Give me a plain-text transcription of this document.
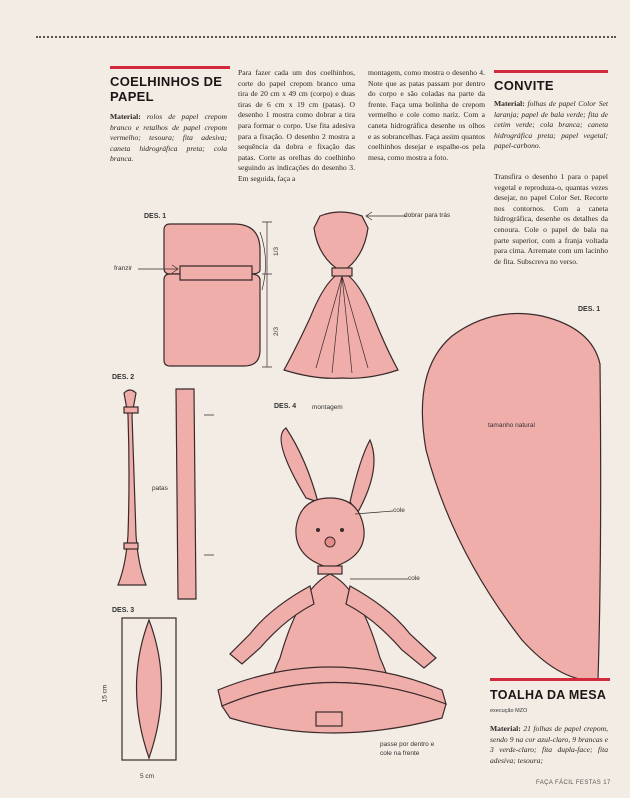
COELHINHOS DE
PAPEL
Material: rolos de papel crepom branco e retalhos de papel crepom vermelho; tesoura; fita adesiva; caneta hidrográfica preta; cola branca.
Para fazer cada um dos coelhinhos, corte do papel crepom branco uma tira de 20 cm x 49 cm (corpo) e duas tiras de 6 cm x 19 cm (patas). O desenho 1 mostra como dobrar a tira para formar o corpo. Use fita adesiva para a fixação. O desenho 2 mostra a sequência da dobra e fixação das patas. Corte as orelhas do coelhinho seguindo as indicações do desenho 3. Em seguida, faça a
montagem, como mostra o desenho 4. Note que as patas passam por dentro do corpo e são coladas na parte da frente. Faça uma bolinha de crepom vermelho e cole como nariz. Com a caneta hidrográfica desenhe os olhos e as sobrancelhas. Faça assim quantos coelhinhos desejar e espalhe-os pela mesa, como mostra a foto.
CONVITE
Material: folhas de papel Color Set laranja; papel de bala verde; fita de cetim verde; cola branca; caneta hidrográfica preta; papel vegetal; papel-carbono.
Transfira o desenho 1 para o papel vegetal e reproduza-o, quantas vezes desejar, no papel Color Set. Recorte nos contornos. Com a caneta hidrográfica, desenhe os detalhes da cenoura. Cole o papel de bala na parte superior, com a franja voltada para cima. Arremate com um lacinho de fita. Subscreva no verso.
DES. 1
franzir
1/3
2/3
dobrar para trás
DES. 2
patas
DES. 3
15 cm
5 cm
DES. 4 montagem
cole
cole
passe por dentro e
cole na frente
DES. 1
tamanho natural
TOALHA DA MESA
execução MZO
Material: 21 folhas de papel crepom, sendo 9 na cor azul-claro, 9 brancas e 3 verde-claro; fita dupla-face; fita adesiva; tesoura;
FAÇA FÁCIL FESTAS 17
